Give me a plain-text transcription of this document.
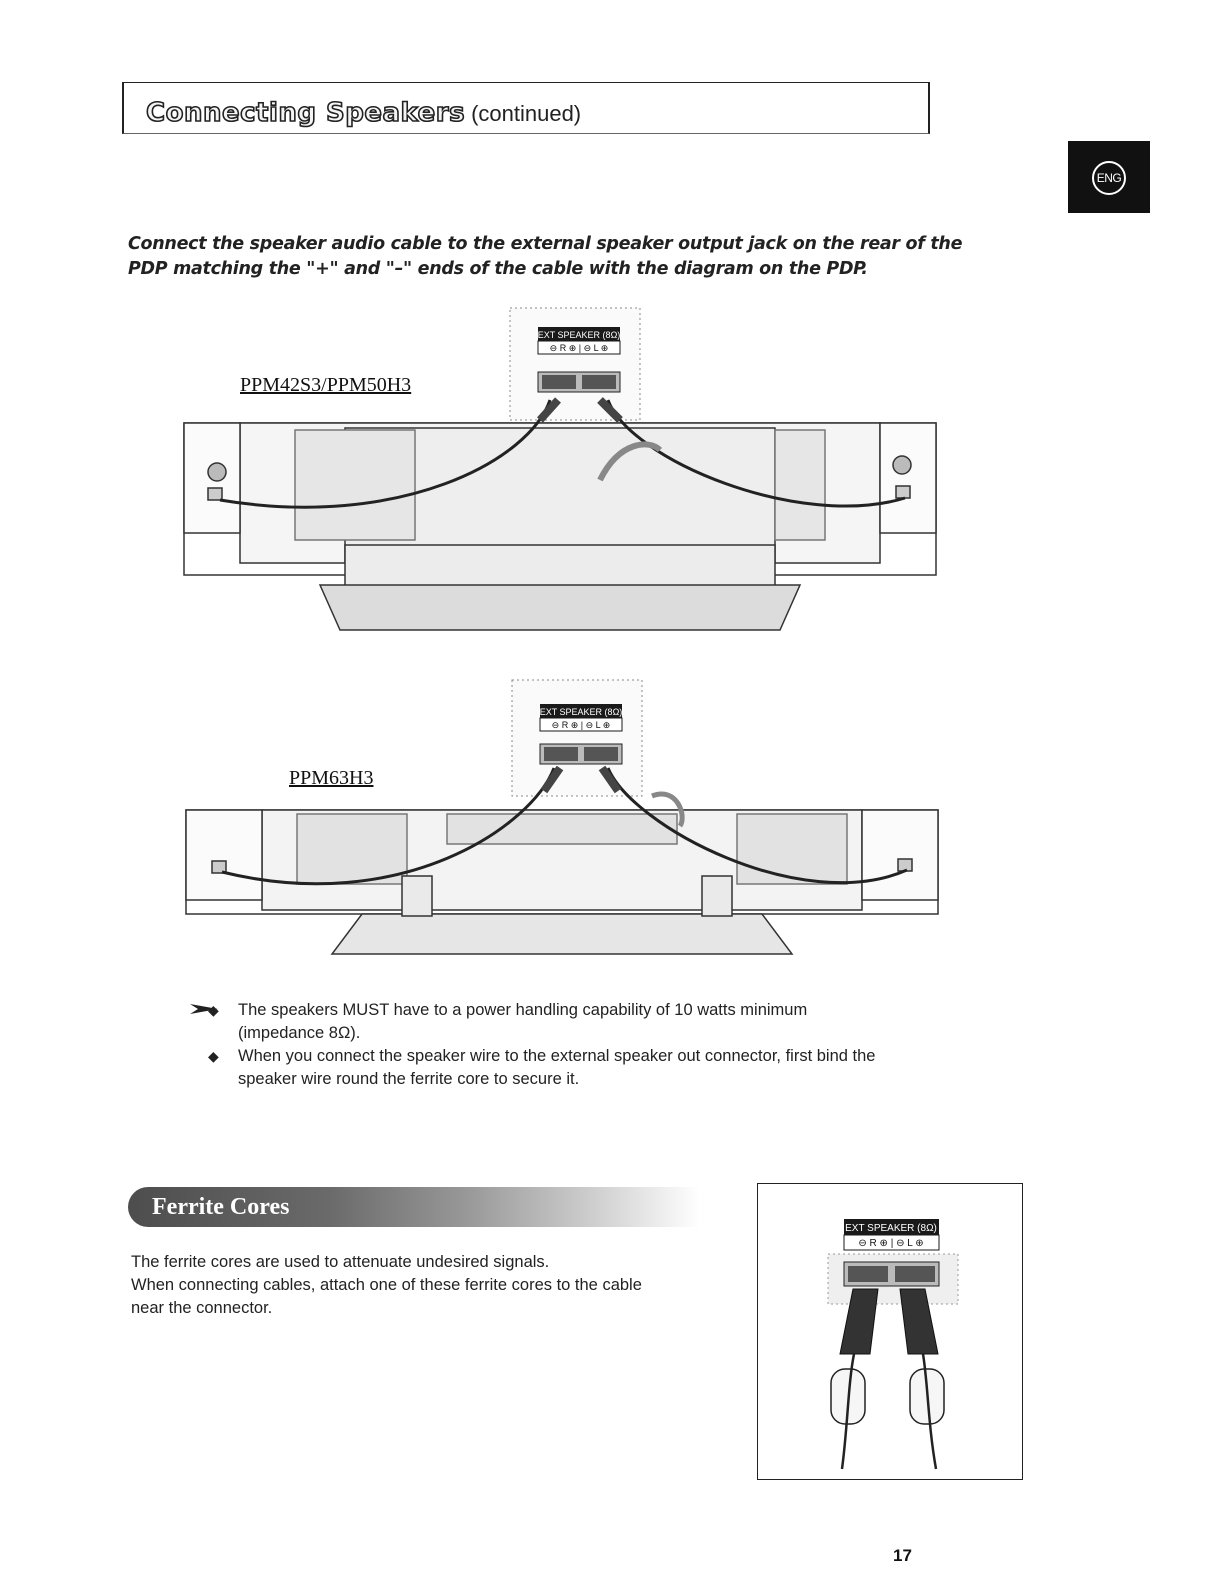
Connecting Speakers (continued)
ENG
Connect the speaker audio cable to the external speaker output jack on the rear of the PDP matching the "+" and "–" ends of the cable with the diagram on the PDP.
PPM42S3/PPM50H3
EXT SPEAKER (8Ω)
⊖ R ⊕ | ⊖ L ⊕
PPM63H3
EXT SPEAKER (8Ω)
⊖ R ⊕ | ⊖ L ⊕
◆ The speakers MUST have to a power handling capability of 10 watts minimum
(impedance 8Ω).
◆ When you connect the speaker wire to the external speaker out connector, first bind the
speaker wire round the ferrite core to secure it.
Ferrite Cores
The ferrite cores are used to attenuate undesired signals.
When connecting cables, attach one of these ferrite cores to the cable
near the connector.
EXT SPEAKER (8Ω)
⊖ R ⊕ | ⊖ L ⊕
17
